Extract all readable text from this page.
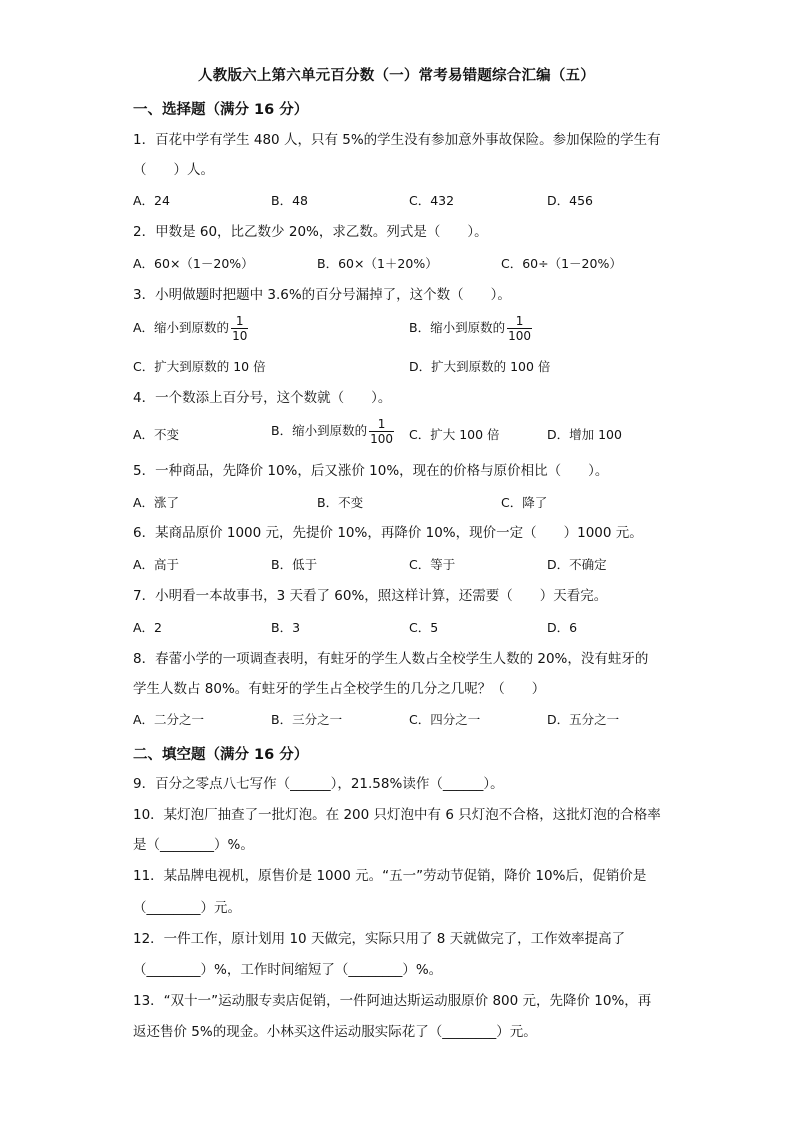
人教版六上第六单元百分数（一）常考易错题综合汇编（五）
一、选择题（满分 16 分）
1．百花中学有学生 480 人，只有 5%的学生没有参加意外事故保险。参加保险的学生有
（　　）人。
A．24	B．48	C．432	D．456
2．甲数是 60，比乙数少 20%，求乙数。列式是（　　）。
A．60×（1－20%）	B．60×（1＋20%）	C．60÷（1－20%）
3．小明做题时把题中 3.6%的百分号漏掉了，这个数（　　）。
A．缩小到原数的 $\frac{1}{10}$	B．缩小到原数的 $\frac{1}{100}$
C．扩大到原数的 10 倍	D．扩大到原数的 100 倍
4．一个数添上百分号，这个数就（　　）。
A．不变	B．缩小到原数的 $\frac{1}{100}$ C．扩大 100 倍	D．增加 100
5．一种商品，先降价 10%，后又涨价 10%，现在的价格与原价相比（　　）。
A．涨了	B．不变	C．降了
6．某商品原价 1000 元，先提价 10%，再降价 10%，现价一定（　　）1000 元。
A．高于	B．低于	C．等于	D．不确定
7．小明看一本故事书，3 天看了 60%，照这样计算，还需要（　　）天看完。
A．2	B．3	C．5	D．6
8．春蕾小学的一项调查表明，有蛀牙的学生人数占全校学生人数的 20%，没有蛀牙的
学生人数占 80%。有蛀牙的学生占全校学生的几分之几呢？（　　）
A．二分之一	B．三分之一	C．四分之一	D．五分之一
二、填空题（满分 16 分）
9．百分之零点八七写作（______），21.58%读作（______）。
10．某灯泡厂抽查了一批灯泡。在 200 只灯泡中有 6 只灯泡不合格，这批灯泡的合格率
是（________）%。
11．某品牌电视机，原售价是 1000 元。“五一”劳动节促销，降价 10%后，促销价是
（________）元。
12．一件工作，原计划用 10 天做完，实际只用了 8 天就做完了，工作效率提高了
（________）%，工作时间缩短了（________）%。
13．“双十一”运动服专卖店促销，一件阿迪达斯运动服原价 800 元，先降价 10%，再
返还售价 5%的现金。小林买这件运动服实际花了（________）元。
